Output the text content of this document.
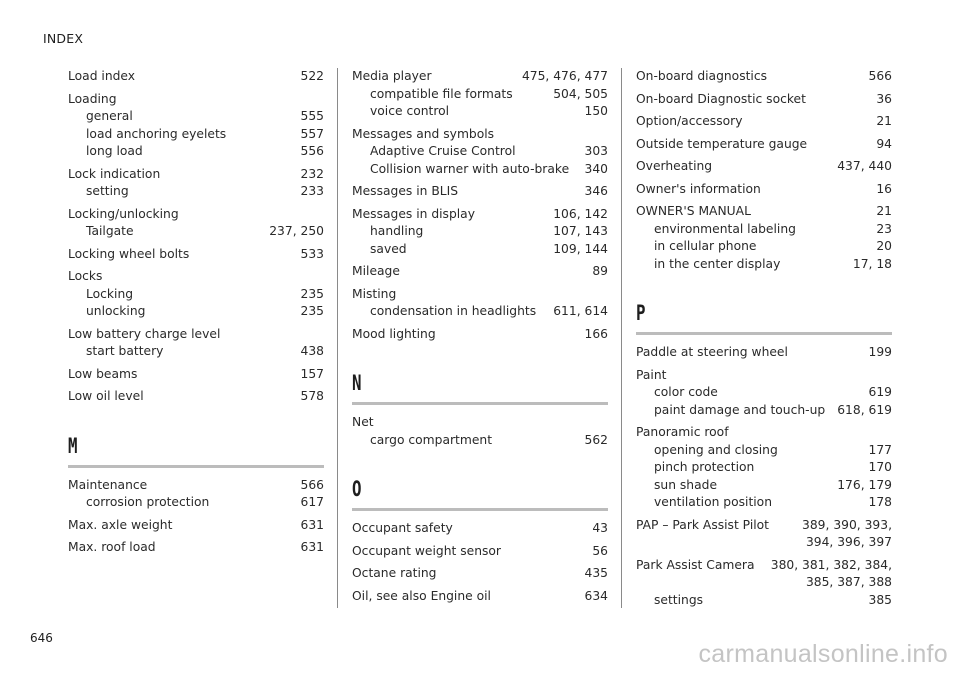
INDEX
Load index	522
Loading
general	555
load anchoring eyelets	557
long load	556
Lock indication	232
setting	233
Locking/unlocking
Tailgate	237, 250
Locking wheel bolts	533
Locks
Locking	235
unlocking	235
Low battery charge level
start battery	438
Low beams	157
Low oil level	578
M
Maintenance	566
corrosion protection	617
Max. axle weight	631
Max. roof load	631
Media player	475, 476, 477
compatible file formats	504, 505
voice control	150
Messages and symbols
Adaptive Cruise Control	303
Collision warner with auto-brake	340
Messages in BLIS	346
Messages in display	106, 142
handling	107, 143
saved	109, 144
Mileage	89
Misting
condensation in headlights	611, 614
Mood lighting	166
N
Net
cargo compartment	562
O
Occupant safety	43
Occupant weight sensor	56
Octane rating	435
Oil, see also Engine oil	634
On-board diagnostics	566
On-board Diagnostic socket	36
Option/accessory	21
Outside temperature gauge	94
Overheating	437, 440
Owner's information	16
OWNER'S MANUAL	21
environmental labeling	23
in cellular phone	20
in the center display	17, 18
P
Paddle at steering wheel	199
Paint
color code	619
paint damage and touch-up 618, 619
Panoramic roof
opening and closing	177
pinch protection	170
sun shade	176, 179
ventilation position	178
PAP – Park Assist Pilot	389, 390, 393,
394, 396, 397
Park Assist Camera	380, 381, 382, 384,
385, 387, 388
settings	385
646
carmanualsonline.info
